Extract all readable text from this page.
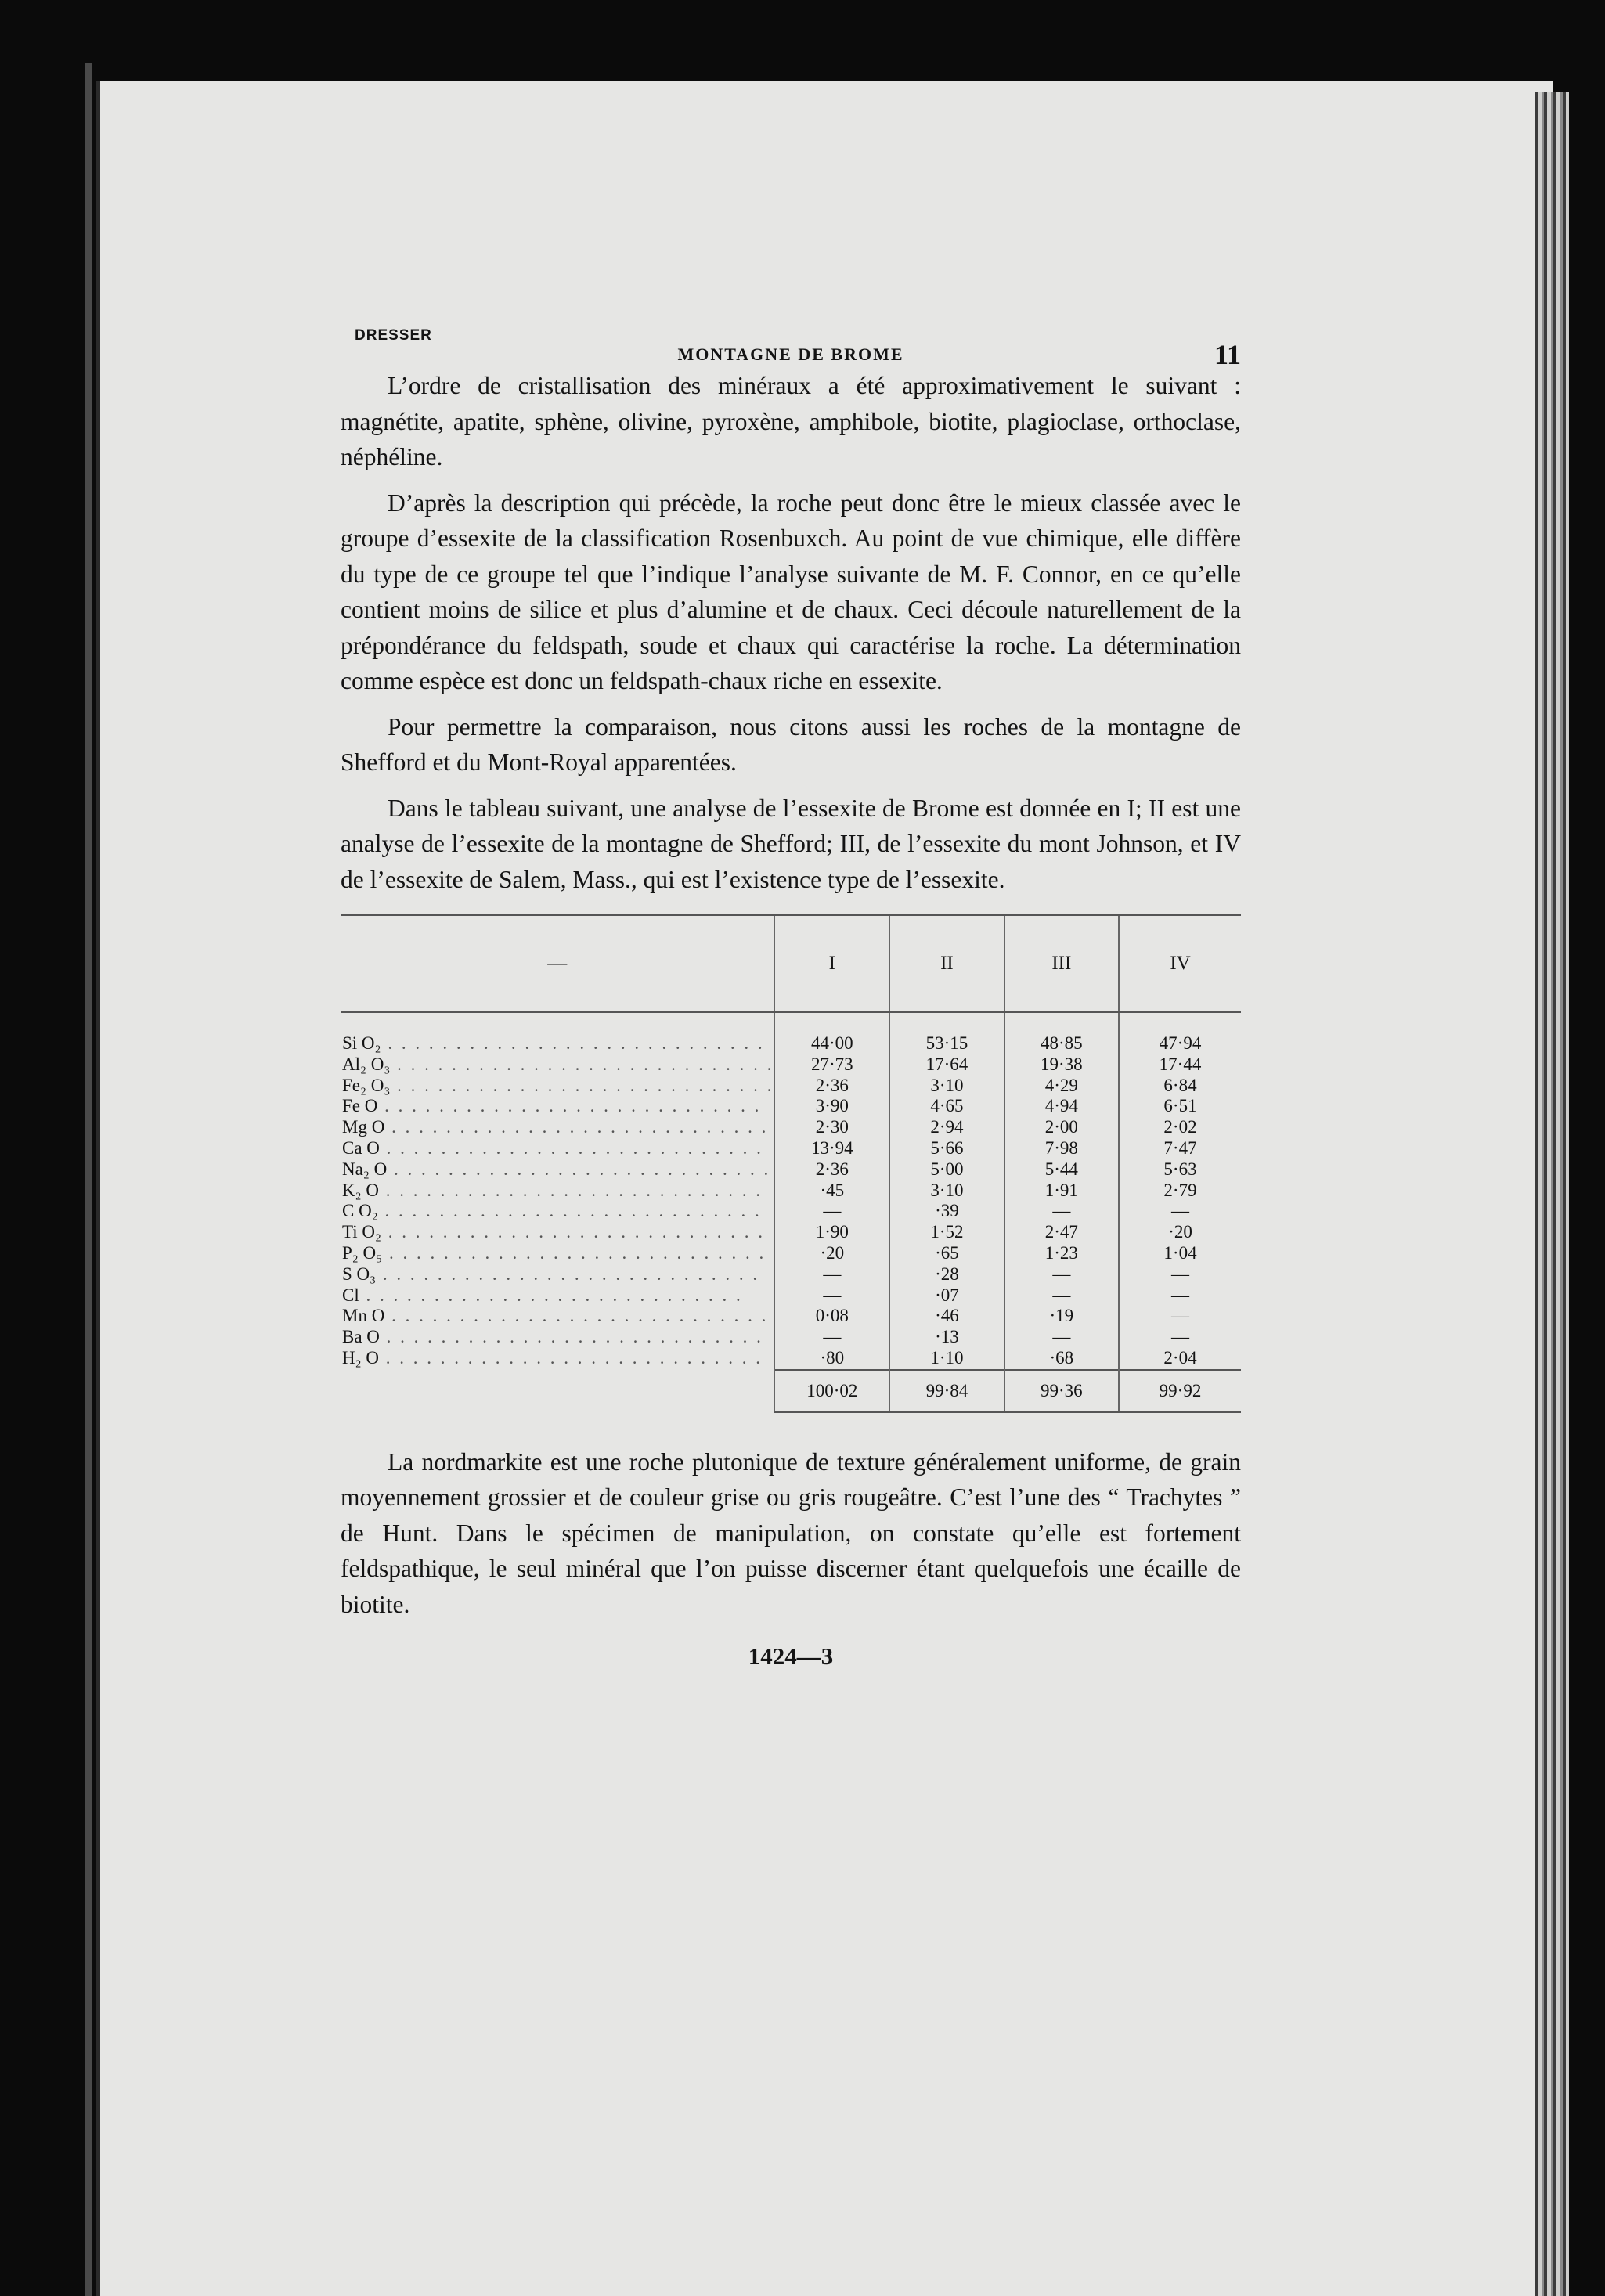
DRESSER
MONTAGNE DE BROME	11

L’ordre de cristallisation des minéraux a été approximativement le suivant : magnétite, apatite, sphène, olivine, pyroxène, amphibole, biotite, plagioclase, orthoclase, néphéline.

D’après la description qui précède, la roche peut donc être le mieux classée avec le groupe d’essexite de la classification Rosenbuxch. Au point de vue chimique, elle diffère du type de ce groupe tel que l’indique l’analyse suivante de M. F. Connor, en ce qu’elle contient moins de silice et plus d’alumine et de chaux. Ceci découle naturellement de la prépondérance du feldspath, soude et chaux qui caractérise la roche. La détermination comme espèce est donc un feldspath-chaux riche en essexite.

Pour permettre la comparaison, nous citons aussi les roches de la montagne de Shefford et du Mont-Royal apparentées.

Dans le tableau suivant, une analyse de l’essexite de Brome est donnée en I; II est une analyse de l’essexite de la montagne de Shefford; III, de l’essexite du mont Johnson, et IV de l’essexite de Salem, Mass., qui est l’existence type de l’essexite.

—	I	II	III	IV
Si O₂ . . . . . . . . . . . . . . . . . . . . . . . . . . . .	44·00	53·15	48·85	47·94
Al₂ O₃ . . . . . . . . . . . . . . . . . . . . . . . . . . . .	27·73	17·64	19·38	17·44
Fe₂ O₃ . . . . . . . . . . . . . . . . . . . . . . . . . . . .	2·36	3·10	4·29	6·84
Fe O . . . . . . . . . . . . . . . . . . . . . . . . . . . .	3·90	4·65	4·94	6·51
Mg O . . . . . . . . . . . . . . . . . . . . . . . . . . . .	2·30	2·94	2·00	2·02
Ca O . . . . . . . . . . . . . . . . . . . . . . . . . . . .	13·94	5·66	7·98	7·47
Na₂ O . . . . . . . . . . . . . . . . . . . . . . . . . . . .	2·36	5·00	5·44	5·63
K₂ O . . . . . . . . . . . . . . . . . . . . . . . . . . . .	·45	3·10	1·91	2·79
C O₂ . . . . . . . . . . . . . . . . . . . . . . . . . . . .	—	·39	—	—
Ti O₂ . . . . . . . . . . . . . . . . . . . . . . . . . . . .	1·90	1·52	2·47	·20
P₂ O₅ . . . . . . . . . . . . . . . . . . . . . . . . . . . .	·20	·65	1·23	1·04
S O₃ . . . . . . . . . . . . . . . . . . . . . . . . . . . .	—	·28	—	—
Cl . . . . . . . . . . . . . . . . . . . . . . . . . . . .	—	·07	—	—
Mn O . . . . . . . . . . . . . . . . . . . . . . . . . . . .	0·08	·46	·19	—
Ba O . . . . . . . . . . . . . . . . . . . . . . . . . . . .	—	·13	—	—
H₂ O . . . . . . . . . . . . . . . . . . . . . . . . . . . .	·80	1·10	·68	2·04
	100·02	99·84	99·36	99·92

La nordmarkite est une roche plutonique de texture généralement uniforme, de grain moyennement grossier et de couleur grise ou gris rougeâtre. C’est l’une des “ Trachytes ” de Hunt. Dans le spécimen de manipulation, on constate qu’elle est fortement feldspathique, le seul minéral que l’on puisse discerner étant quelquefois une écaille de biotite.

1424—3
